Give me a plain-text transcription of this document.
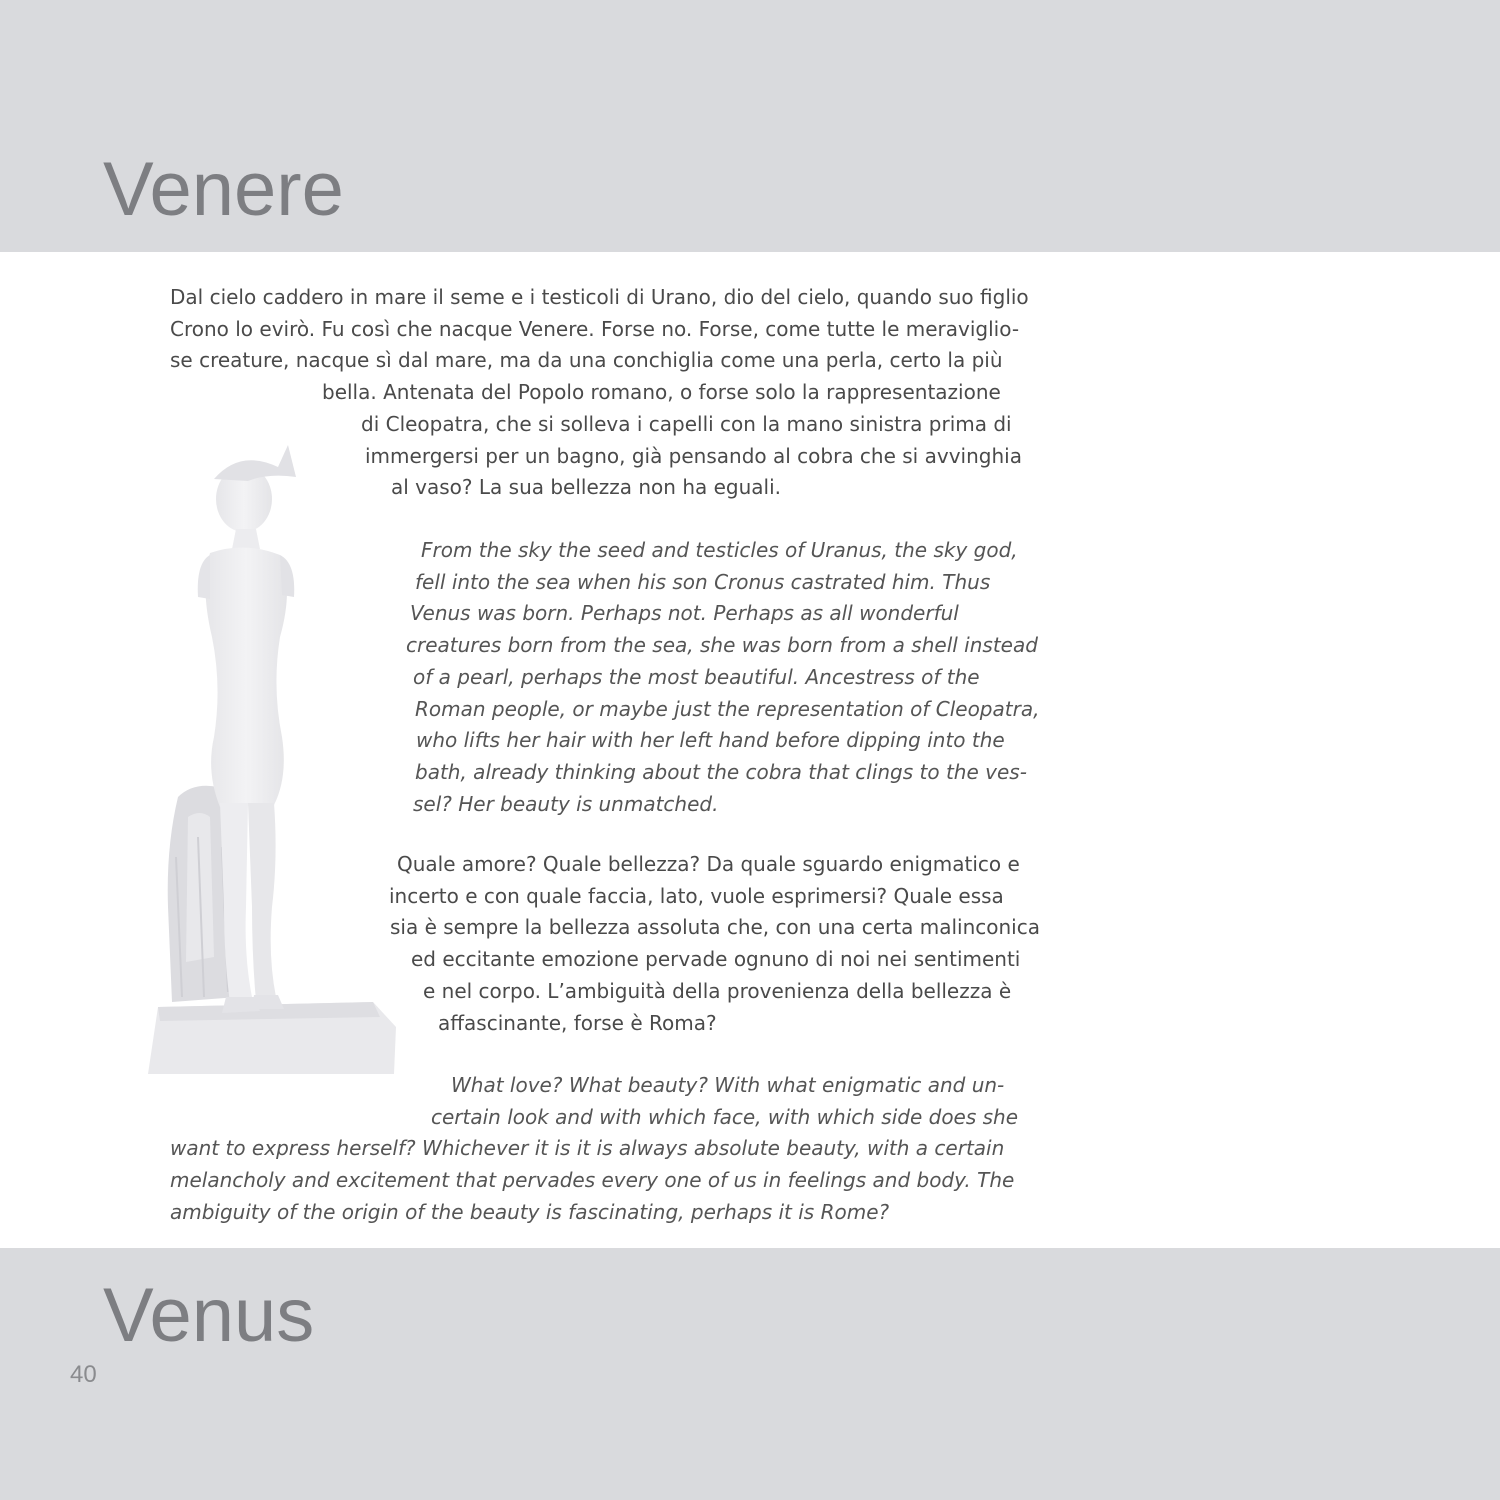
Venere

Dal cielo caddero in mare il seme e i testicoli di Urano, dio del cielo, quando suo figlio
Crono lo evirò. Fu così che nacque Venere. Forse no. Forse, come tutte le meraviglio-
se creature, nacque sì dal mare, ma da una conchiglia come una perla, certo la più
bella. Antenata del Popolo romano, o forse solo la rappresentazione
di Cleopatra, che si solleva i capelli con la mano sinistra prima di
immergersi per un bagno, già pensando al cobra che si avvinghia
al vaso? La sua bellezza non ha eguali.

From the sky the seed and testicles of Uranus, the sky god,
fell into the sea when his son Cronus castrated him. Thus
Venus was born. Perhaps not. Perhaps as all wonderful
creatures born from the sea, she was born from a shell instead
of a pearl, perhaps the most beautiful. Ancestress of the
Roman people, or maybe just the representation of Cleopatra,
who lifts her hair with her left hand before dipping into the
bath, already thinking about the cobra that clings to the ves-
sel? Her beauty is unmatched.

Quale amore? Quale bellezza? Da quale sguardo enigmatico e
incerto e con quale faccia, lato, vuole esprimersi? Quale essa
sia è sempre la bellezza assoluta che, con una certa malinconica
ed eccitante emozione pervade ognuno di noi nei sentimenti
e nel corpo. L’ambiguità della provenienza della bellezza è
affascinante, forse è Roma?

What love? What beauty? With what enigmatic and un-
certain look and with which face, with which side does she
want to express herself? Whichever it is it is always absolute beauty, with a certain
melancholy and excitement that pervades every one of us in feelings and body. The
ambiguity of the origin of the beauty is fascinating, perhaps it is Rome?

Venus
40
